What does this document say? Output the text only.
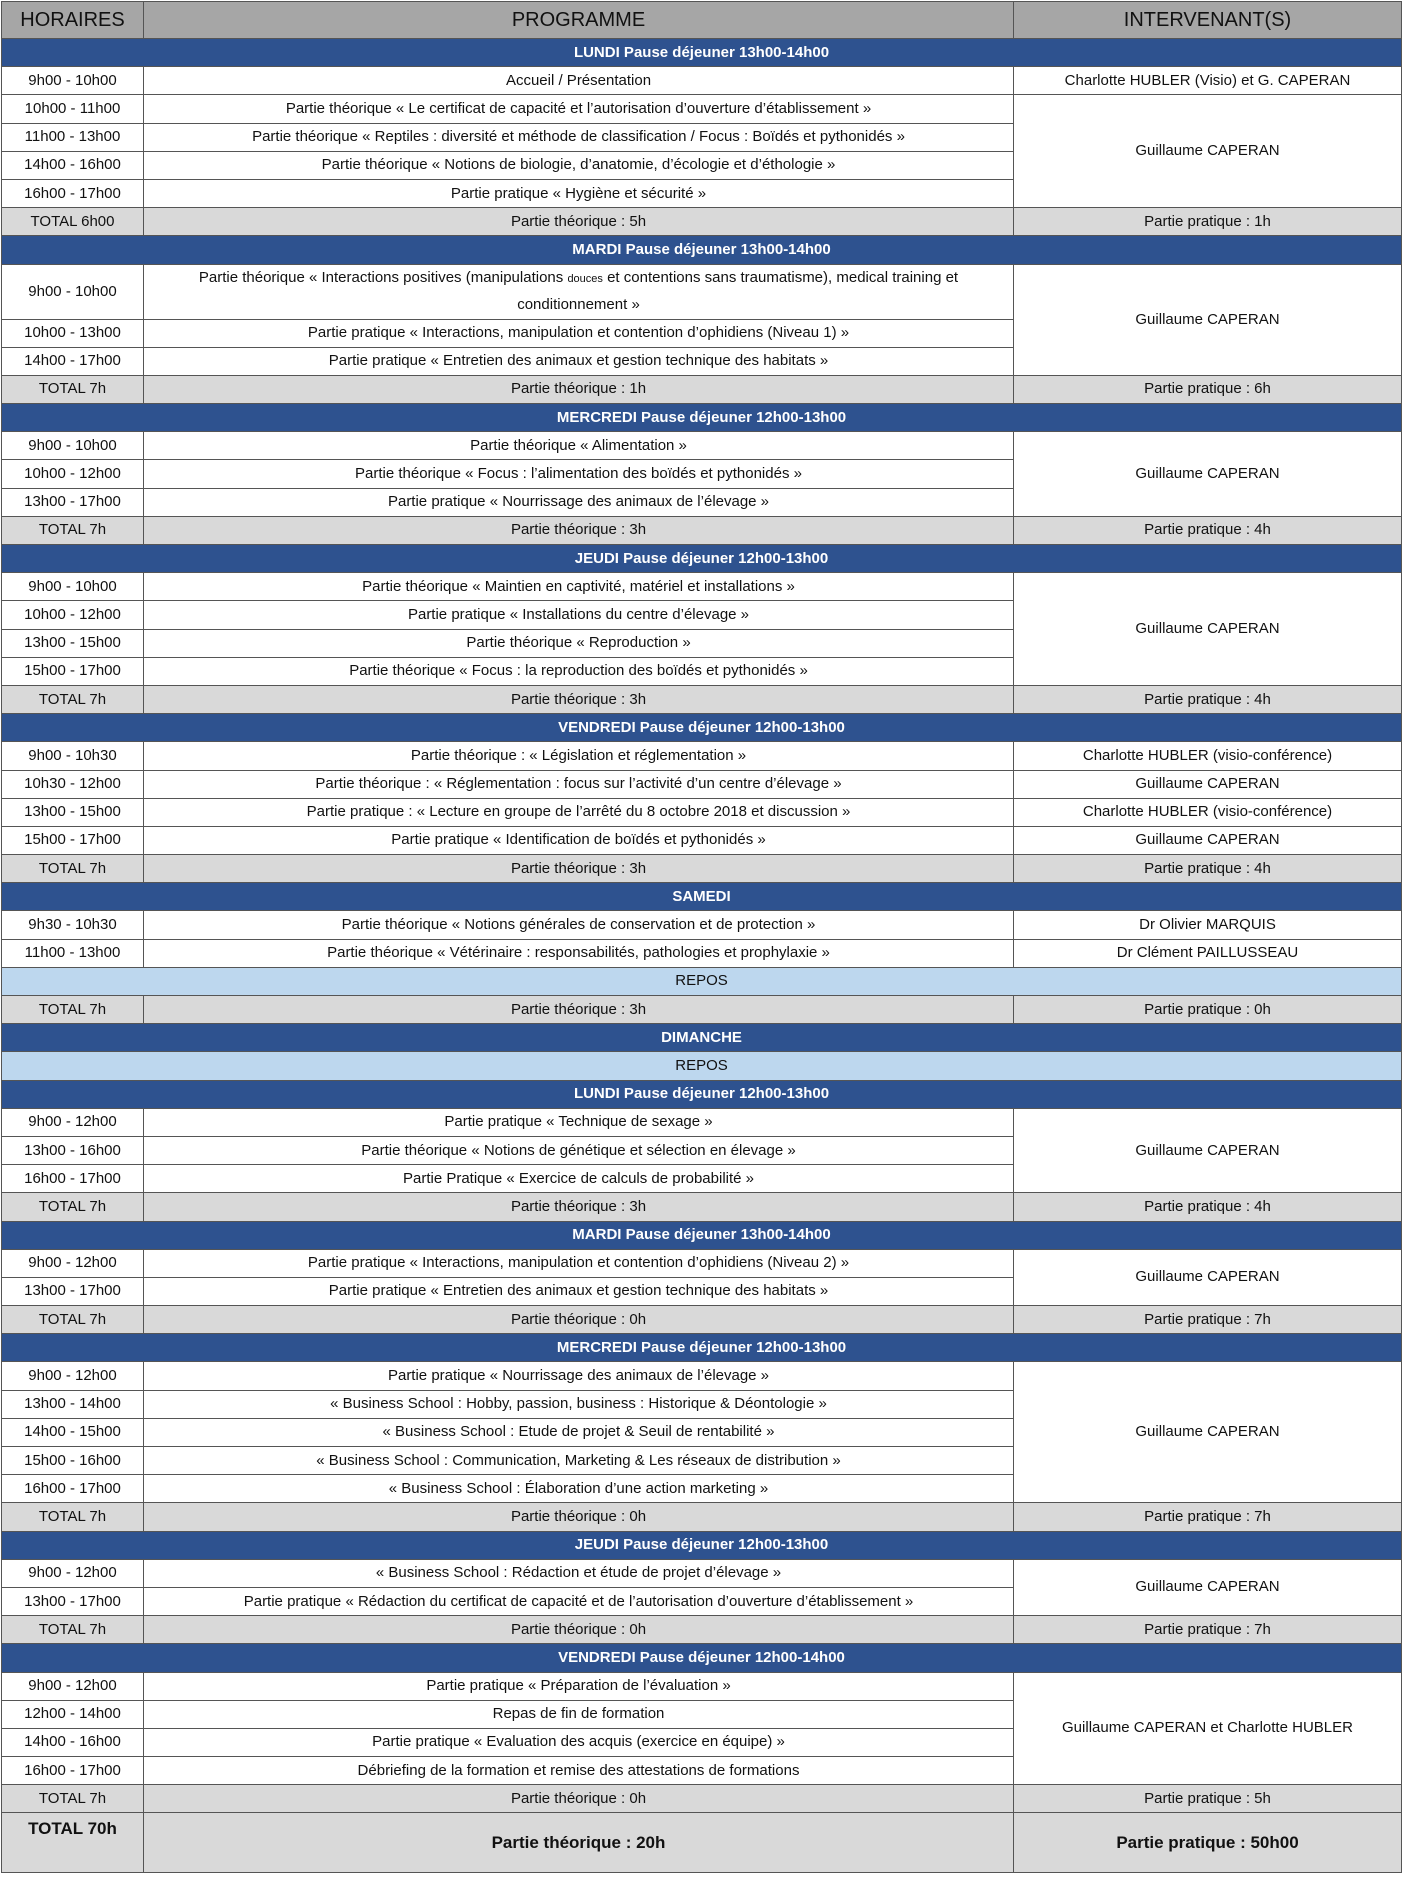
HORAIRES	PROGRAMME	INTERVENANT(S)
LUNDI Pause déjeuner 13h00-14h00		
9h00 - 10h00	Accueil / Présentation	Charlotte HUBLER (Visio) et G. CAPERAN
10h00 - 11h00	Partie théorique « Le certificat de capacité et l’autorisation d’ouverture d’établissement »	Guillaume CAPERAN
11h00 - 13h00	Partie théorique « Reptiles : diversité et méthode de classification / Focus : Boïdés et pythonidés »	
14h00 - 16h00	Partie théorique « Notions de biologie, d’anatomie, d’écologie et d’éthologie »	
16h00 - 17h00	Partie pratique « Hygiène et sécurité »	
TOTAL 6h00	Partie théorique : 5h	Partie pratique : 1h
MARDI Pause déjeuner 13h00-14h00		
9h00 - 10h00	Partie théorique « Interactions positives (manipulations douces et contentions sans traumatisme), medical training et conditionnement »	Guillaume CAPERAN
10h00 - 13h00	Partie pratique « Interactions, manipulation et contention d’ophidiens (Niveau 1) »	
14h00 - 17h00	Partie pratique « Entretien des animaux et gestion technique des habitats »	
TOTAL 7h	Partie théorique : 1h	Partie pratique : 6h
MERCREDI Pause déjeuner 12h00-13h00		
9h00 - 10h00	Partie théorique « Alimentation »	Guillaume CAPERAN
10h00 - 12h00	Partie théorique « Focus : l’alimentation des boïdés et pythonidés »	
13h00 - 17h00	Partie pratique « Nourrissage des animaux de l’élevage »	
TOTAL 7h	Partie théorique : 3h	Partie pratique : 4h
JEUDI Pause déjeuner 12h00-13h00		
9h00 - 10h00	Partie théorique « Maintien en captivité, matériel et installations »	Guillaume CAPERAN
10h00 - 12h00	Partie pratique « Installations du centre d’élevage »	
13h00 - 15h00	Partie théorique « Reproduction »	
15h00 - 17h00	Partie théorique « Focus : la reproduction des boïdés et pythonidés »	
TOTAL 7h	Partie théorique : 3h	Partie pratique : 4h
VENDREDI Pause déjeuner 12h00-13h00		
9h00 - 10h30	Partie théorique : « Législation et réglementation »	Charlotte HUBLER (visio-conférence)
10h30 - 12h00	Partie théorique : « Réglementation : focus sur l’activité d’un centre d’élevage »	Guillaume CAPERAN
13h00 - 15h00	Partie pratique : « Lecture en groupe de l’arrêté du 8 octobre 2018 et discussion »	Charlotte HUBLER (visio-conférence)
15h00 - 17h00	Partie pratique « Identification de boïdés et pythonidés »	Guillaume CAPERAN
TOTAL 7h	Partie théorique : 3h	Partie pratique : 4h
SAMEDI		
9h30 - 10h30	Partie théorique « Notions générales de conservation et de protection »	Dr Olivier MARQUIS
11h00 - 13h00	Partie théorique « Vétérinaire : responsabilités, pathologies et prophylaxie »	Dr Clément PAILLUSSEAU
REPOS		
TOTAL 7h	Partie théorique : 3h	Partie pratique : 0h
DIMANCHE		
REPOS		
LUNDI Pause déjeuner 12h00-13h00		
9h00 - 12h00	Partie pratique « Technique de sexage »	Guillaume CAPERAN
13h00 - 16h00	Partie théorique « Notions de génétique et sélection en élevage »	
16h00 - 17h00	Partie Pratique « Exercice de calculs de probabilité »	
TOTAL 7h	Partie théorique : 3h	Partie pratique : 4h
MARDI Pause déjeuner 13h00-14h00		
9h00 - 12h00	Partie pratique « Interactions, manipulation et contention d’ophidiens (Niveau 2) »	Guillaume CAPERAN
13h00 - 17h00	Partie pratique « Entretien des animaux et gestion technique des habitats »	
TOTAL 7h	Partie théorique : 0h	Partie pratique : 7h
MERCREDI Pause déjeuner 12h00-13h00		
9h00 - 12h00	Partie pratique « Nourrissage des animaux de l’élevage »	Guillaume CAPERAN
13h00 - 14h00	« Business School : Hobby, passion, business : Historique & Déontologie »	
14h00 - 15h00	« Business School : Etude de projet & Seuil de rentabilité »	
15h00 - 16h00	« Business School : Communication, Marketing & Les réseaux de distribution »	
16h00 - 17h00	« Business School : Élaboration d’une action marketing »	
TOTAL 7h	Partie théorique : 0h	Partie pratique : 7h
JEUDI Pause déjeuner 12h00-13h00		
9h00 - 12h00	« Business School : Rédaction et étude de projet d’élevage »	Guillaume CAPERAN
13h00 - 17h00	Partie pratique « Rédaction du certificat de capacité et de l’autorisation d’ouverture d’établissement »	
TOTAL 7h	Partie théorique : 0h	Partie pratique : 7h
VENDREDI Pause déjeuner 12h00-14h00		
9h00 - 12h00	Partie pratique « Préparation de l’évaluation »	Guillaume CAPERAN et Charlotte HUBLER
12h00 - 14h00	Repas de fin de formation	
14h00 - 16h00	Partie pratique « Evaluation des acquis (exercice en équipe) »	
16h00 - 17h00	Débriefing de la formation et remise des attestations de formations	
TOTAL 7h	Partie théorique : 0h	Partie pratique : 5h
TOTAL 70h	Partie théorique : 20h	Partie pratique : 50h00
